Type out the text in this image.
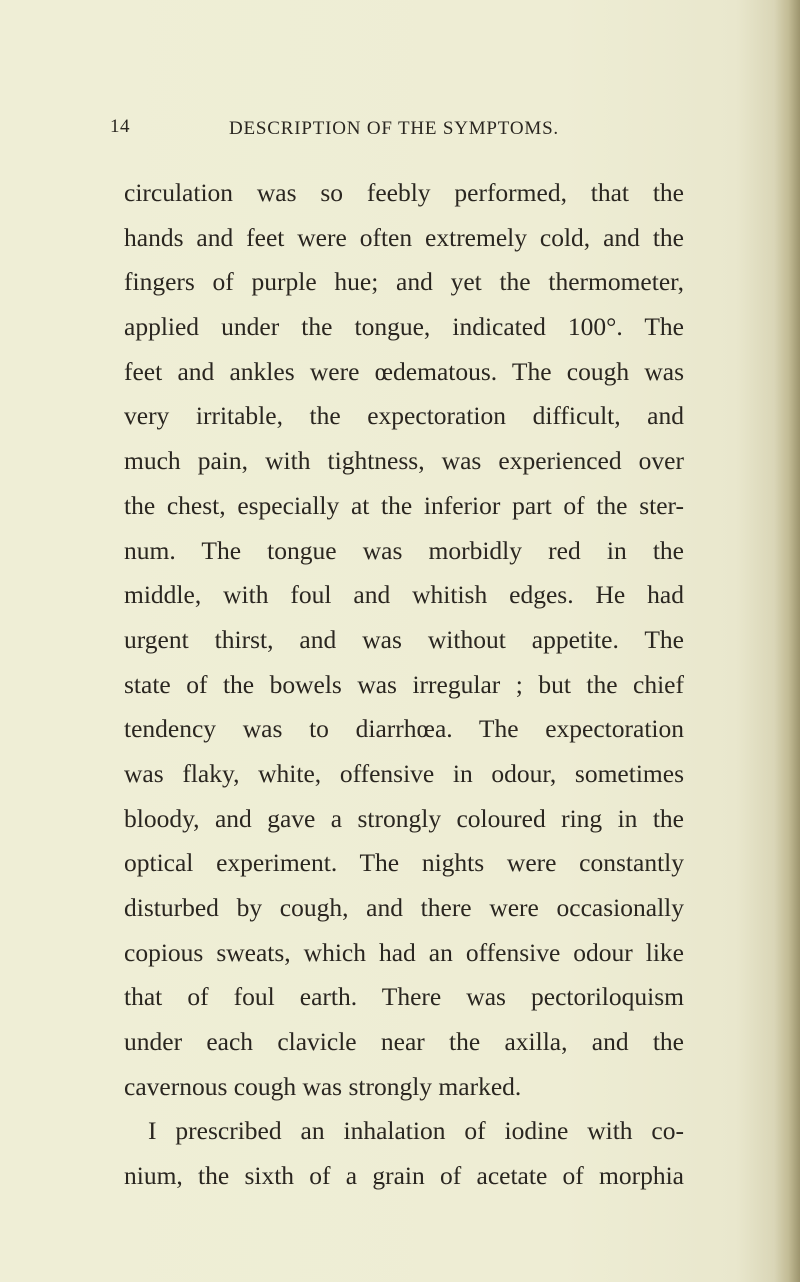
14	DESCRIPTION OF THE SYMPTOMS.
circulation was so feebly performed, that the
hands and feet were often extremely cold, and the
fingers of purple hue; and yet the thermometer,
applied under the tongue, indicated 100°. The
feet and ankles were œdematous. The cough was
very irritable, the expectoration difficult, and
much pain, with tightness, was experienced over
the chest, especially at the inferior part of the ster-
num. The tongue was morbidly red in the
middle, with foul and whitish edges. He had
urgent thirst, and was without appetite. The
state of the bowels was irregular ; but the chief
tendency was to diarrhœa. The expectoration
was flaky, white, offensive in odour, sometimes
bloody, and gave a strongly coloured ring in the
optical experiment. The nights were constantly
disturbed by cough, and there were occasionally
copious sweats, which had an offensive odour like
that of foul earth. There was pectoriloquism
under each clavicle near the axilla, and the
cavernous cough was strongly marked.
I prescribed an inhalation of iodine with co-
nium, the sixth of a grain of acetate of morphia
